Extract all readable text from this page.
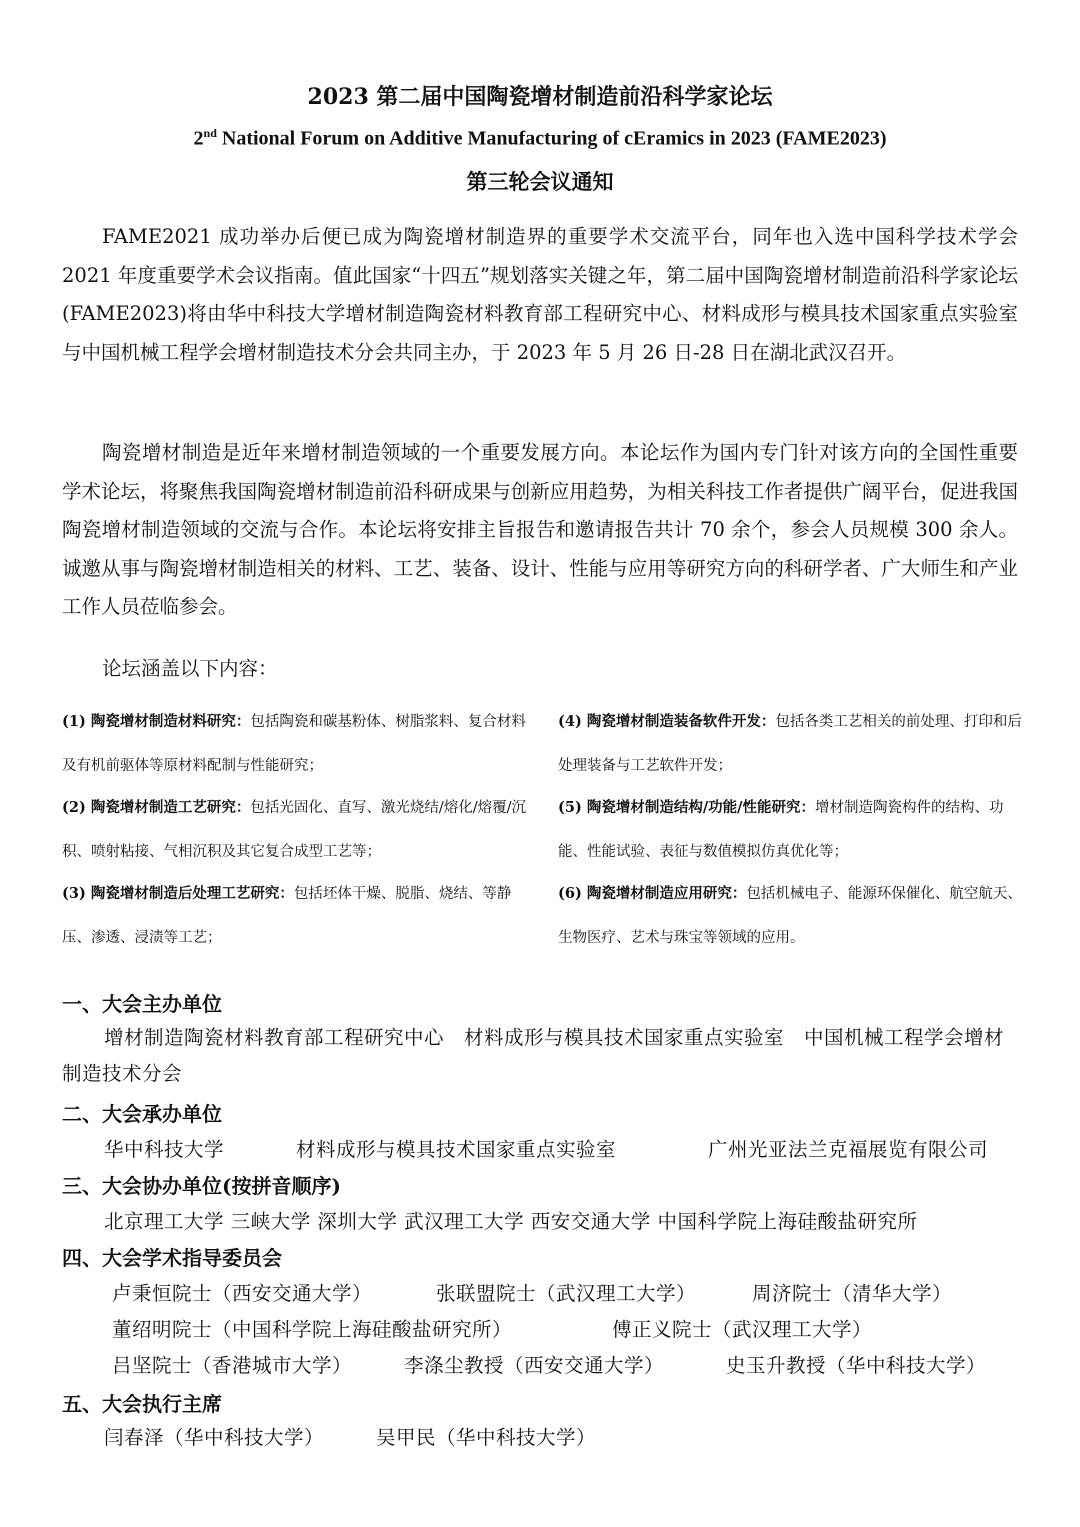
2023 第二届中国陶瓷增材制造前沿科学家论坛
2nd National Forum on Additive Manufacturing of cEramics in 2023 (FAME2023)
第三轮会议通知

FAME2021 成功举办后便已成为陶瓷增材制造界的重要学术交流平台，同年也入选中国科学技术学会 2021 年度重要学术会议指南。值此国家“十四五”规划落实关键之年，第二届中国陶瓷增材制造前沿科学家论坛(FAME2023)将由华中科技大学增材制造陶瓷材料教育部工程研究中心、材料成形与模具技术国家重点实验室与中国机械工程学会增材制造技术分会共同主办，于 2023 年 5 月 26 日-28 日在湖北武汉召开。

陶瓷增材制造是近年来增材制造领域的一个重要发展方向。本论坛作为国内专门针对该方向的全国性重要学术论坛，将聚焦我国陶瓷增材制造前沿科研成果与创新应用趋势，为相关科技工作者提供广阔平台，促进我国陶瓷增材制造领域的交流与合作。本论坛将安排主旨报告和邀请报告共计 70 余个，参会人员规模 300 余人。诚邀从事与陶瓷增材制造相关的材料、工艺、装备、设计、性能与应用等研究方向的科研学者、广大师生和产业工作人员莅临参会。

论坛涵盖以下内容：

(1) 陶瓷增材制造材料研究：包括陶瓷和碳基粉体、树脂浆料、复合材料及有机前驱体等原材料配制与性能研究；

(2) 陶瓷增材制造工艺研究：包括光固化、直写、激光烧结/熔化/熔覆/沉积、喷射粘接、气相沉积及其它复合成型工艺等；

(3) 陶瓷增材制造后处理工艺研究：包括坯体干燥、脱脂、烧结、等静压、渗透、浸渍等工艺；

(4) 陶瓷增材制造装备软件开发：包括各类工艺相关的前处理、打印和后处理装备与工艺软件开发；

(5) 陶瓷增材制造结构/功能/性能研究：增材制造陶瓷构件的结构、功能、性能试验、表征与数值模拟仿真优化等；

(6) 陶瓷增材制造应用研究：包括机械电子、能源环保催化、航空航天、生物医疗、艺术与珠宝等领域的应用。

一、大会主办单位

增材制造陶瓷材料教育部工程研究中心　材料成形与模具技术国家重点实验室　中国机械工程学会增材制造技术分会

二、大会承办单位
华中科技大学	材料成形与模具技术国家重点实验室	广州光亚法兰克福展览有限公司
三、大会协办单位(按拼音顺序)
北京理工大学 三峡大学 深圳大学 武汉理工大学 西安交通大学 中国科学院上海硅酸盐研究所
四、大会学术指导委员会
卢秉恒院士（西安交通大学）	张联盟院士（武汉理工大学）	周济院士（清华大学）
董绍明院士（中国科学院上海硅酸盐研究所）	傅正义院士（武汉理工大学）
吕坚院士（香港城市大学）	李涤尘教授（西安交通大学）	史玉升教授（华中科技大学）
五、大会执行主席
闫春泽（华中科技大学）	吴甲民（华中科技大学）
